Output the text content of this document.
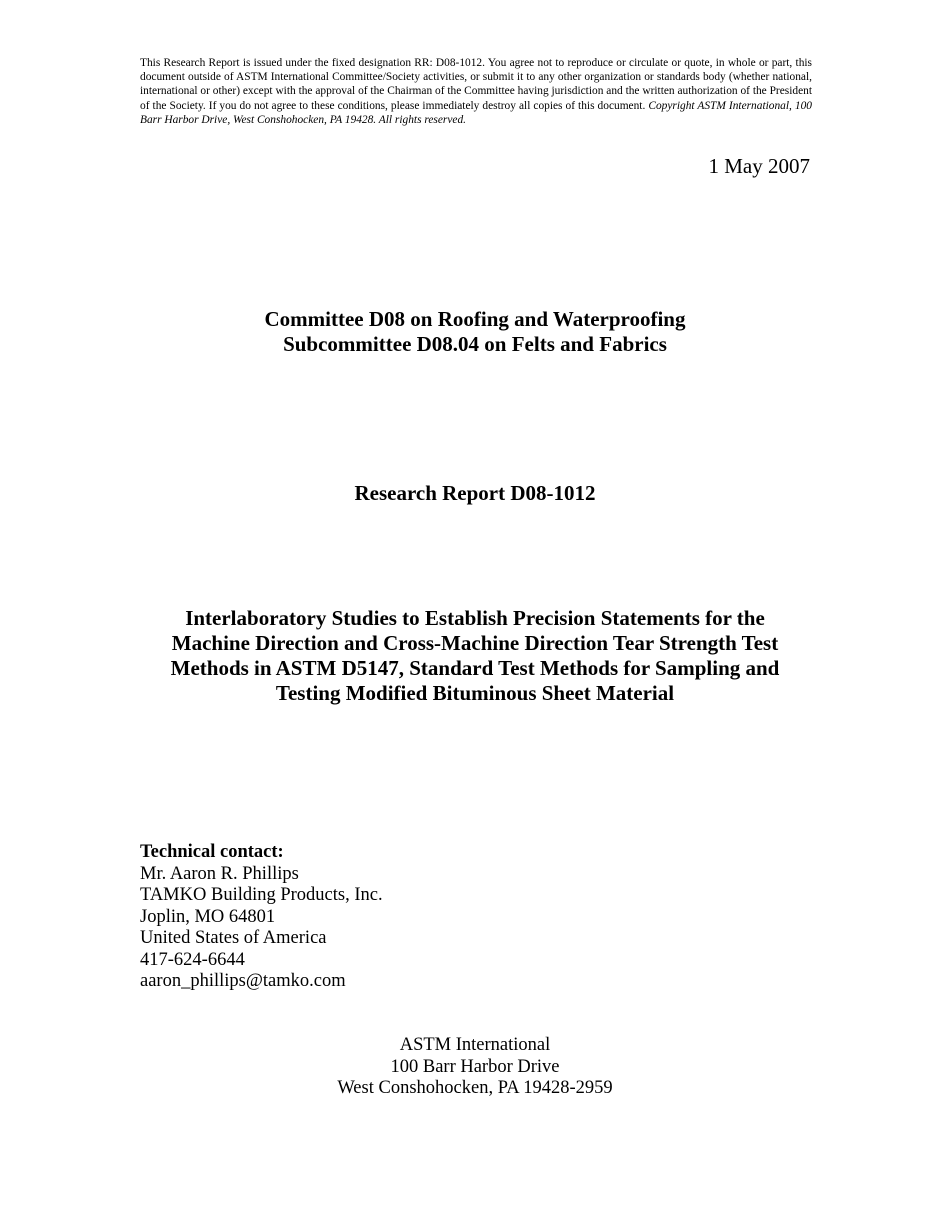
This Research Report is issued under the fixed designation RR: D08-1012. You agree not to reproduce or circulate or quote, in whole or part, this document outside of ASTM International Committee/Society activities, or submit it to any other organization or standards body (whether national, international or other) except with the approval of the Chairman of the Committee having jurisdiction and the written authorization of the President of the Society. If you do not agree to these conditions, please immediately destroy all copies of this document. Copyright ASTM International, 100 Barr Harbor Drive, West Conshohocken, PA 19428. All rights reserved.
1 May 2007
Committee D08 on Roofing and Waterproofing
Subcommittee D08.04 on Felts and Fabrics
Research Report D08-1012
Interlaboratory Studies to Establish Precision Statements for the
Machine Direction and Cross-Machine Direction Tear Strength Test
Methods in ASTM D5147, Standard Test Methods for Sampling and
Testing Modified Bituminous Sheet Material
Technical contact:
Mr. Aaron R. Phillips
TAMKO Building Products, Inc.
Joplin, MO 64801
United States of America
417-624-6644
aaron_phillips@tamko.com
ASTM International
100 Barr Harbor Drive
West Conshohocken, PA 19428-2959
